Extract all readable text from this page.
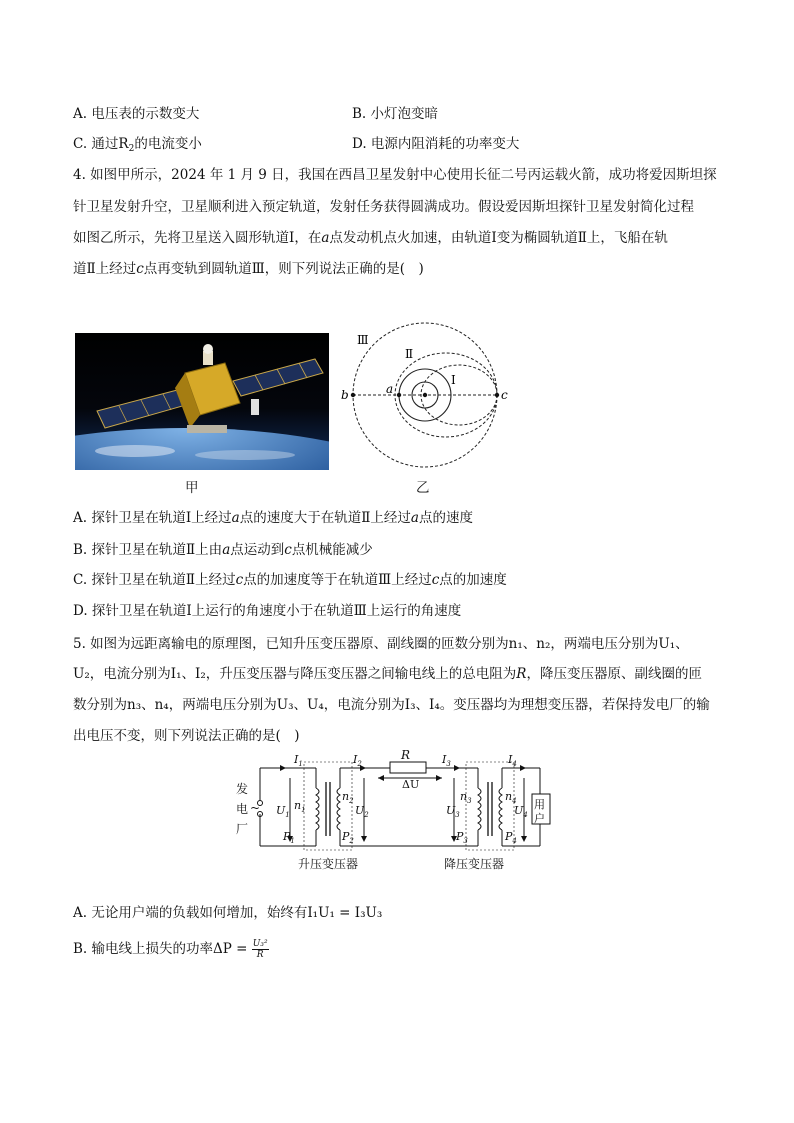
A. 电压表的示数变大	B. 小灯泡变暗
C. 通过$R_2$的电流变小	D. 电源内阻消耗的功率变大
4. 如图甲所示，2024 年 1 月 9 日，我国在西昌卫星发射中心使用长征二号丙运载火箭，成功将爱因斯坦探
针卫星发射升空，卫星顺利进入预定轨道，发射任务获得圆满成功。假设爱因斯坦探针卫星发射简化过程
如图乙所示，先将卫星送入圆形轨道Ⅰ，在a点发动机点火加速，由轨道Ⅰ变为椭圆轨道Ⅱ上，飞船在轨
道Ⅱ上经过c点再变轨到圆轨道Ⅲ，则下列说法正确的是(　)
甲
Ⅲ
Ⅱ
I
b	a	c
乙
A. 探针卫星在轨道Ⅰ上经过a点的速度大于在轨道Ⅱ上经过a点的速度
B. 探针卫星在轨道Ⅱ上由a点运动到c点机械能减少
C. 探针卫星在轨道Ⅱ上经过c点的加速度等于在轨道Ⅲ上经过c点的加速度
D. 探针卫星在轨道Ⅰ上运行的角速度小于在轨道Ⅲ上运行的角速度
5. 如图为远距离输电的原理图，已知升压变压器原、副线圈的匝数分别为n₁、n₂，两端电压分别为U₁、
U₂，电流分别为I₁、I₂，升压变压器与降压变压器之间输电线上的总电阻为R，降压变压器原、副线圈的匝
数分别为n₃、n₄，两端电压分别为U₃、U₄，电流分别为I₃、I₄。变压器均为理想变压器，若保持发电厂的输
出电压不变，则下列说法正确的是(　)
发
电
厂
~
R
ΔU
用
户
升压变压器	降压变压器
$I_1$	$I_2$	$I_3$	$I_4$
$n_1$
$U_1$
$P_1$
$n_2$
$U_2$
$P_2$
$n_3$
$U_3$
$P_3$
$n_4$
$U_4$
$P_4$
A. 无论用户端的负载如何增加，始终有I₁U₁ = I₃U₃
B. 输电线上损失的功率$\Delta P = \frac{\text{U₃²}}{R}$
